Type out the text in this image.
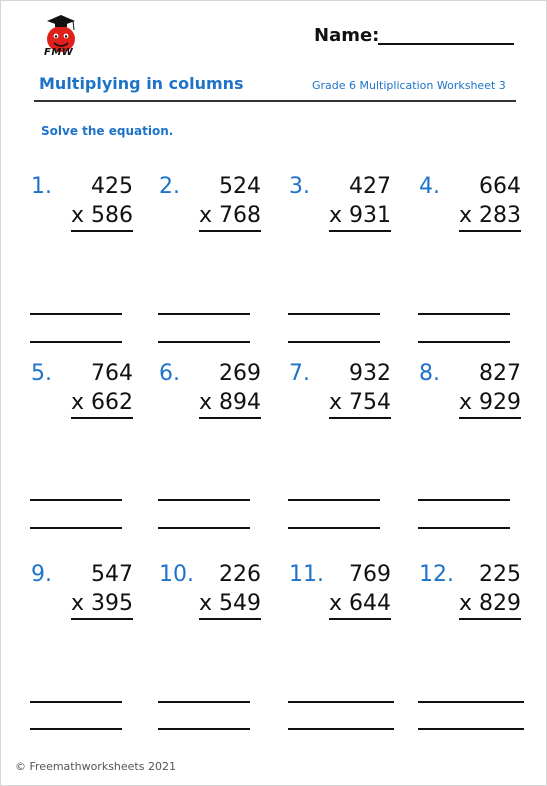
FMW
Name:
Multiplying in columns	Grade 6 Multiplication Worksheet 3
Solve the equation.
1. 425
x 586
2. 524
x 768
3. 427
x 931
4. 664
x 283
5. 764
x 662
6. 269
x 894
7. 932
x 754
8. 827
x 929
9. 547
x 395
10. 226
x 549
11. 769
x 644
12. 225
x 829
© Freemathworksheets 2021
